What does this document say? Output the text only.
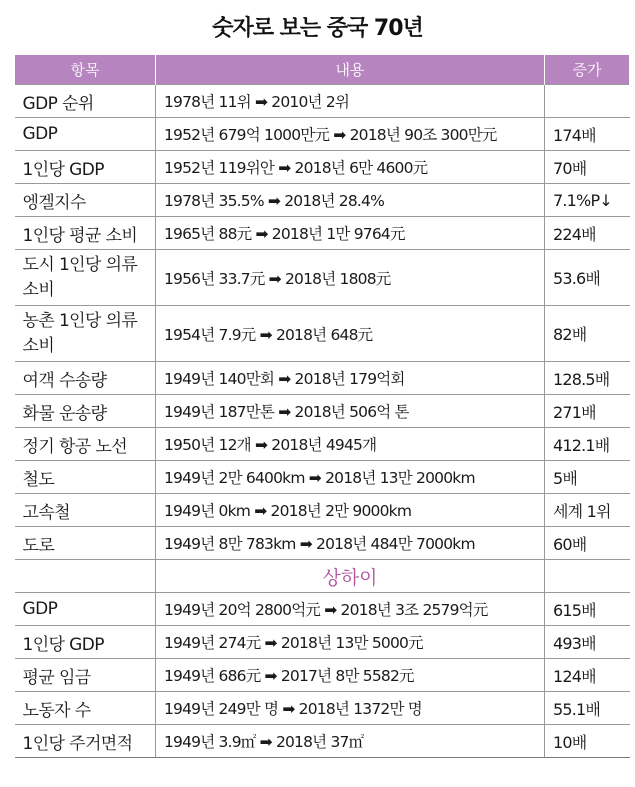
숫자로 보는 중국 70년
항목	내용	증가
GDP 순위	1978년 11위 ➡ 2010년 2위	
GDP	1952년 679억 1000만元 ➡ 2018년 90조 300만元	174배
1인당 GDP	1952년 119위안 ➡ 2018년 6만 4600元	70배
엥겔지수	1978년 35.5% ➡ 2018년 28.4%	7.1%P↓
1인당 평균 소비	1965년 88元 ➡ 2018년 1만 9764元	224배
도시 1인당 의류 소비	1956년 33.7元 ➡ 2018년 1808元	53.6배
농촌 1인당 의류 소비	1954년 7.9元 ➡ 2018년 648元	82배
여객 수송량	1949년 140만회 ➡ 2018년 179억회	128.5배
화물 운송량	1949년 187만톤 ➡ 2018년 506억 톤	271배
정기 항공 노선	1950년 12개 ➡ 2018년 4945개	412.1배
철도	1949년 2만 6400km ➡ 2018년 13만 2000km	5배
고속철	1949년 0km ➡ 2018년 2만 9000km	세계 1위
도로	1949년 8만 783km ➡ 2018년 484만 7000km	60배
	상하이	
GDP	1949년 20억 2800억元 ➡ 2018년 3조 2579억元	615배
1인당 GDP	1949년 274元 ➡ 2018년 13만 5000元	493배
평균 임금	1949년 686元 ➡ 2017년 8만 5582元	124배
노동자 수	1949년 249만 명 ➡ 2018년 1372만 명	55.1배
1인당 주거면적	1949년 3.9㎡ ➡ 2018년 37㎡	10배
